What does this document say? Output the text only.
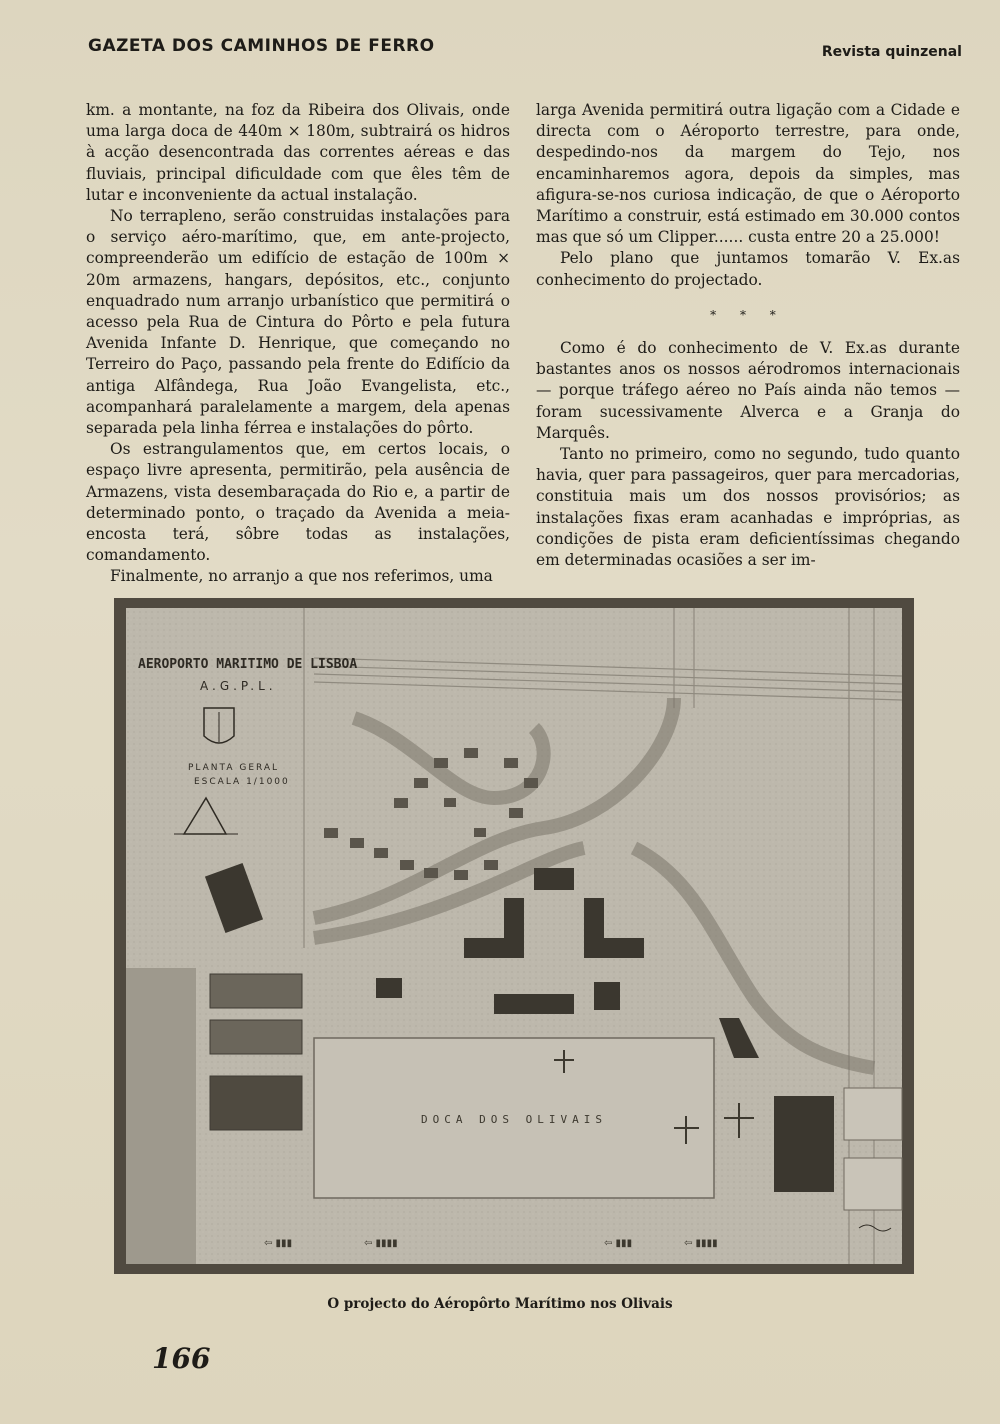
GAZETA DOS CAMINHOS DE FERRO	Revista quinzenal

km. a montante, na foz da Ribeira dos Olivais, onde uma larga doca de 440m × 180m, subtrairá os hidros à acção desencontrada das correntes aéreas e das fluviais, principal dificuldade com que êles têm de lutar e inconveniente da actual instalação.

No terrapleno, serão construidas instalações para o serviço aéro-marítimo, que, em ante-projecto, compreenderão um edifício de estação de 100m × 20m armazens, hangars, depósitos, etc., conjunto enquadrado num arranjo urbanístico que permitirá o acesso pela Rua de Cintura do Pôrto e pela futura Avenida Infante D. Henrique, que começando no Terreiro do Paço, passando pela frente do Edifício da antiga Alfândega, Rua João Evangelista, etc., acompanhará paralelamente a margem, dela apenas separada pela linha férrea e instalações do pôrto.

Os estrangulamentos que, em certos locais, o espaço livre apresenta, permitirão, pela ausência de Armazens, vista desembaraçada do Rio e, a partir de determinado ponto, o traçado da Avenida a meia-encosta terá, sôbre todas as instalações, comandamento.

Finalmente, no arranjo a que nos referimos, uma

larga Avenida permitirá outra ligação com a Cidade e directa com o Aéroporto terrestre, para onde, despedindo-nos da margem do Tejo, nos encaminharemos agora, depois da simples, mas afigura-se-nos curiosa indicação, de que o Aéroporto Marítimo a construir, está estimado em 30.000 contos mas que só um Clipper...... custa entre 20 a 25.000!

Pelo plano que juntamos tomarão V. Ex.as conhecimento do projectado.

* * *

Como é do conhecimento de V. Ex.as durante bastantes anos os nossos aérodromos internacionais — porque tráfego aéreo no País ainda não temos — foram sucessivamente Alverca e a Granja do Marquês.

Tanto no primeiro, como no segundo, tudo quanto havia, quer para passageiros, quer para mercadorias, constituia mais um dos nossos provisórios; as instalações fixas eram acanhadas e impróprias, as condições de pista eram deficientíssimas chegando em determinadas ocasiões a ser im-

DOCA DOS OLIVAIS
⇦ ▮▮▮	⇦ ▮▮▮▮	⇦ ▮▮▮	⇦ ▮▮▮▮
AEROPORTO MARITIMO DE LISBOA
A.G.P.L.
PLANTA GERAL
ESCALA 1/1000
O projecto do Aéropôrto Marítimo nos Olivais
166
